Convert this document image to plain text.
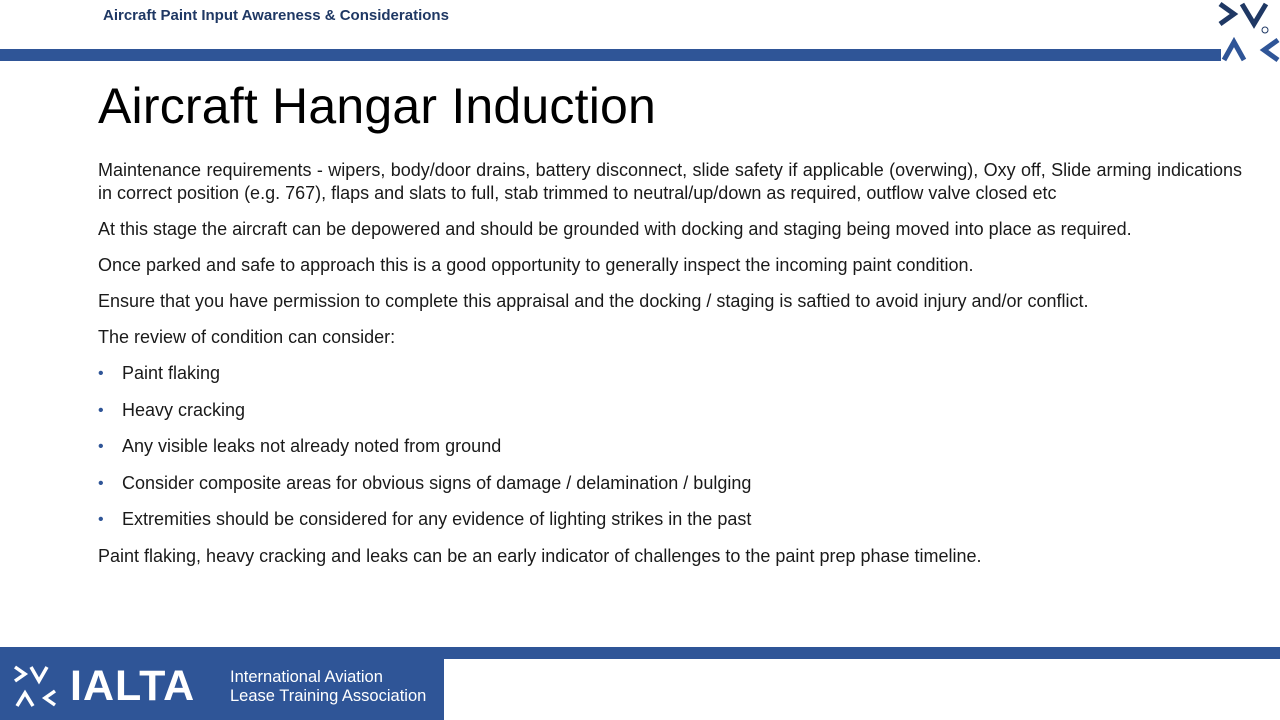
Aircraft Paint Input Awareness & Considerations
Aircraft Hangar Induction

Maintenance requirements - wipers, body/door drains, battery disconnect, slide safety if applicable (overwing), Oxy off, Slide arming indications in correct position (e.g. 767), flaps and slats to full, stab trimmed to neutral/up/down as required, outflow valve closed etc

At this stage the aircraft can be depowered and should be grounded with docking and staging being moved into place as required.

Once parked and safe to approach this is a good opportunity to generally inspect the incoming paint condition.

Ensure that you have permission to complete this appraisal and the docking / staging is saftied to avoid injury and/or conflict.

The review of condition can consider:

• Paint flaking
• Heavy cracking
• Any visible leaks not already noted from ground
• Consider composite areas for obvious signs of damage / delamination / bulging
• Extremities should be considered for any evidence of lighting strikes in the past

Paint flaking, heavy cracking and leaks can be an early indicator of challenges to the paint prep phase timeline.

IALTA International Aviation
Lease Training Association
